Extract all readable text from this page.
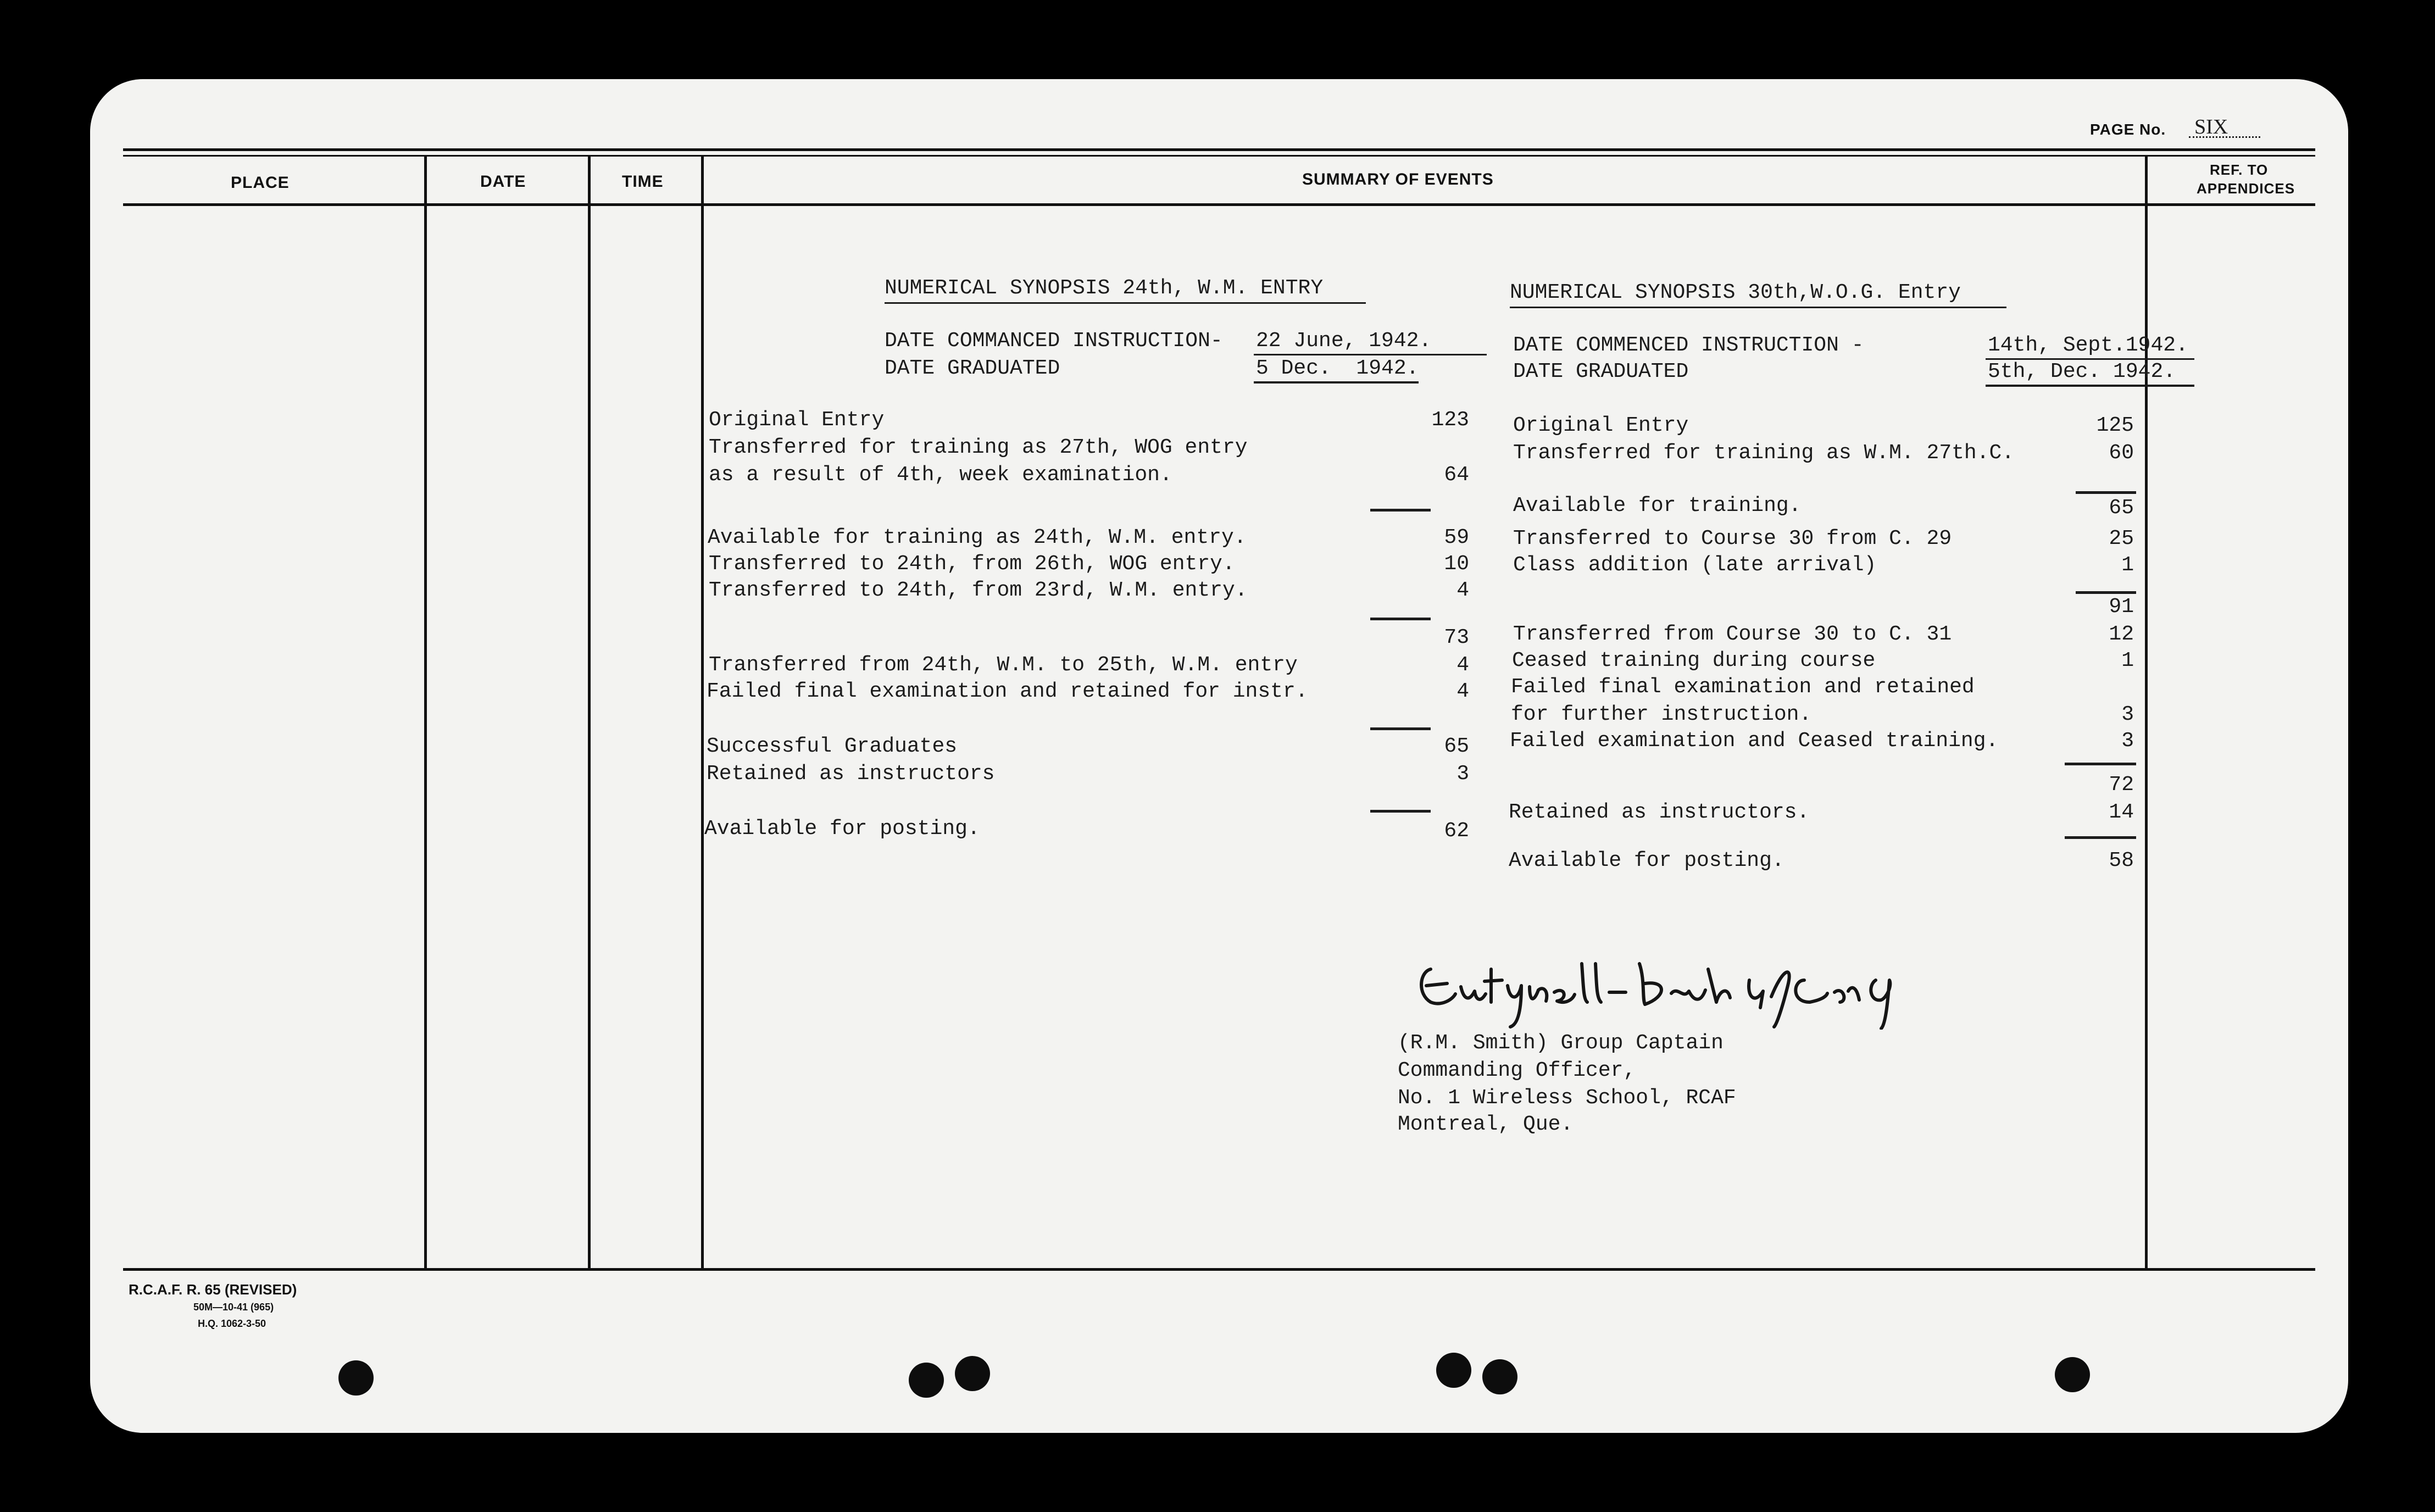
PAGE No. SIX
PLACE	DATE	TIME	SUMMARY OF EVENTS
REF. TO
APPENDICES
NUMERICAL SYNOPSIS 24th, W.M. ENTRY
DATE COMMANCED INSTRUCTION- 22 June, 1942.
DATE GRADUATED	5 Dec.  1942.
Original Entry	123
Transferred for training as 27th, WOG entry
as a result of 4th, week examination.	64
Available for training as 24th, W.M. entry.	59
Transferred to 24th, from 26th, WOG entry.	10
Transferred to 24th, from 23rd, W.M. entry.	4
73
Transferred from 24th, W.M. to 25th, W.M. entry	4
Failed final examination and retained for instr.	4
Successful Graduates	65
Retained as instructors	3
Available for posting.	62
NUMERICAL SYNOPSIS 30th,W.O.G. Entry
DATE COMMENCED INSTRUCTION -	14th, Sept.1942.
DATE GRADUATED	5th, Dec. 1942.
Original Entry	125
Transferred for training as W.M. 27th.C.	60
Available for training.	65
Transferred to Course 30 from C. 29	25
Class addition (late arrival)	1
91
Transferred from Course 30 to C. 31	12
Ceased training during course	1
Failed final examination and retained
for further instruction.	3
Failed examination and Ceased training.	3
72
Retained as instructors.	14
Available for posting.	58
(R.M. Smith) Group Captain
Commanding Officer,
No. 1 Wireless School, RCAF
Montreal, Que.
R.C.A.F. R. 65 (REVISED)
50M—10-41 (965)
H.Q. 1062-3-50
